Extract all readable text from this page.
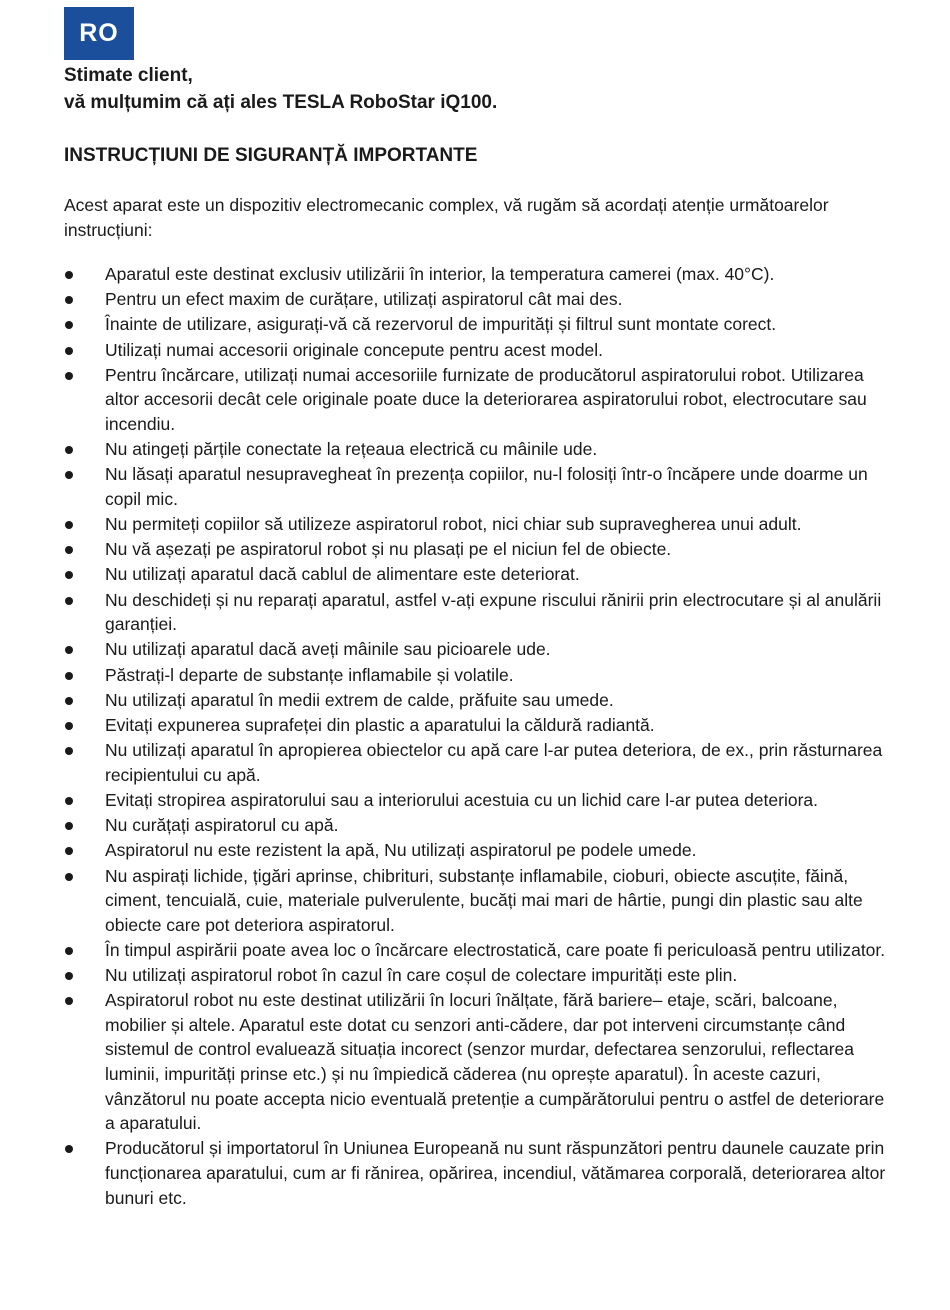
RO

Stimate client,
vă mulțumim că ați ales TESLA RoboStar iQ100.

INSTRUCȚIUNI DE SIGURANȚĂ IMPORTANTE

Acest aparat este un dispozitiv electromecanic complex, vă rugăm să acordați atenție următoarelor instrucțiuni:

Aparatul este destinat exclusiv utilizării în interior, la temperatura camerei (max. 40°C).
Pentru un efect maxim de curățare, utilizați aspiratorul cât mai des.
Înainte de utilizare, asigurați-vă că rezervorul de impurități și filtrul sunt montate corect.
Utilizați numai accesorii originale concepute pentru acest model.
Pentru încărcare, utilizați numai accesoriile furnizate de producătorul aspiratorului robot. Utilizarea altor accesorii decât cele originale poate duce la deteriorarea aspiratorului robot, electrocutare sau incendiu.
Nu atingeți părțile conectate la rețeaua electrică cu mâinile ude.
Nu lăsați aparatul nesupravegheat în prezența copiilor, nu-l folosiți într-o încăpere unde doarme un copil mic.
Nu permiteți copiilor să utilizeze aspiratorul robot, nici chiar sub supravegherea unui adult.
Nu vă așezați pe aspiratorul robot și nu plasați pe el niciun fel de obiecte.
Nu utilizați aparatul dacă cablul de alimentare este deteriorat.
Nu deschideți și nu reparați aparatul, astfel v-ați expune riscului rănirii prin electrocutare și al anulării garanției.
Nu utilizați aparatul dacă aveți mâinile sau picioarele ude.
Păstrați-l departe de substanțe inflamabile și volatile.
Nu utilizați aparatul în medii extrem de calde, prăfuite sau umede.
Evitați expunerea suprafeței din plastic a aparatului la căldură radiantă.
Nu utilizați aparatul în apropierea obiectelor cu apă care l-ar putea deteriora, de ex., prin răsturnarea recipientului cu apă.
Evitați stropirea aspiratorului sau a interiorului acestuia cu un lichid care l-ar putea deteriora.
Nu curățați aspiratorul cu apă.
Aspiratorul nu este rezistent la apă, Nu utilizați aspiratorul pe podele umede.
Nu aspirați lichide, țigări aprinse, chibrituri, substanțe inflamabile, cioburi, obiecte ascuțite, făină, ciment, tencuială, cuie, materiale pulverulente, bucăți mai mari de hârtie, pungi din plastic sau alte obiecte care pot deteriora aspiratorul.
În timpul aspirării poate avea loc o încărcare electrostatică, care poate fi periculoasă pentru utilizator.
Nu utilizați aspiratorul robot în cazul în care coșul de colectare impurități este plin.
Aspiratorul robot nu este destinat utilizării în locuri înălțate, fără bariere– etaje, scări, balcoane, mobilier și altele. Aparatul este dotat cu senzori anti-cădere, dar pot interveni circumstanțe când sistemul de control evaluează situația incorect (senzor murdar, defectarea senzorului, reflectarea luminii, impurități prinse etc.) și nu împiedică căderea (nu oprește aparatul). În aceste cazuri, vânzătorul nu poate accepta nicio eventuală pretenție a cumpărătorului pentru o astfel de deteriorare a aparatului.
Producătorul și importatorul în Uniunea Europeană nu sunt răspunzători pentru daunele cauzate prin funcționarea aparatului, cum ar fi rănirea, opărirea, incendiul, vătămarea corporală, deteriorarea altor bunuri etc.
